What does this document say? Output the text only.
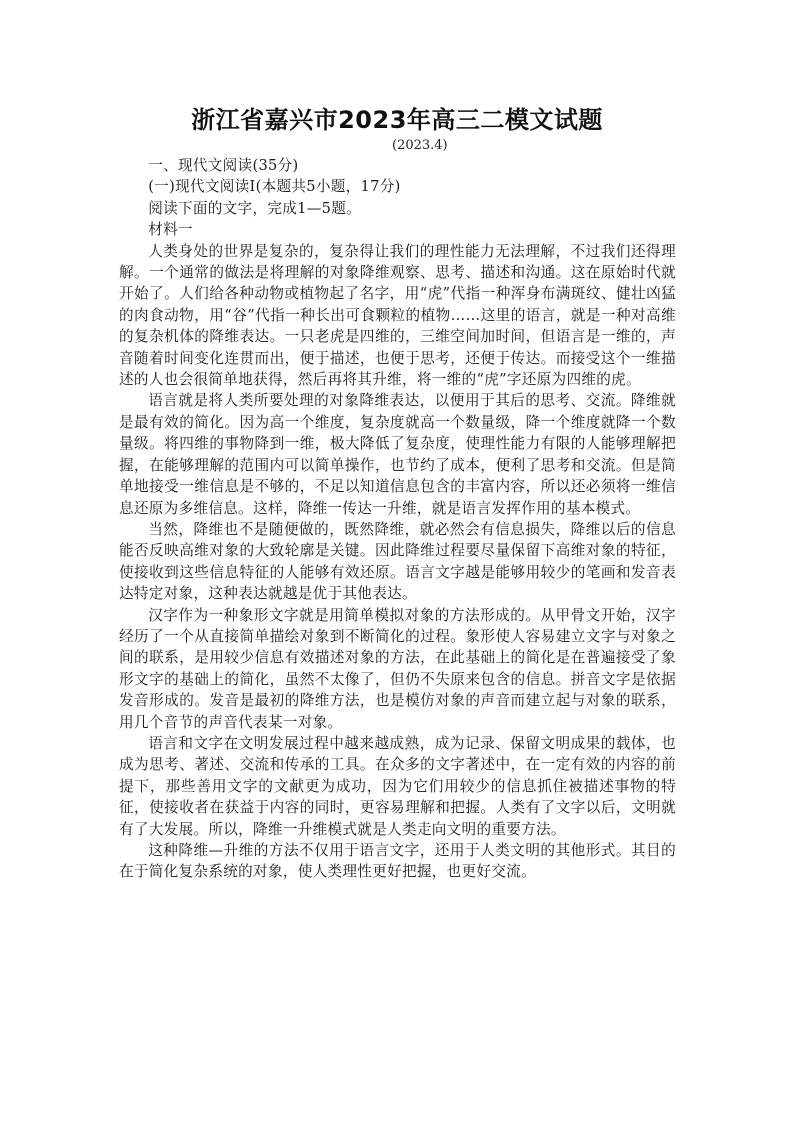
浙江省嘉兴市2023年高三二模文试题
(2023.4)

一、现代文阅读(35分)

(一)现代文阅读Ⅰ(本题共5小题，17分)

阅读下面的文字，完成1—5题。

材料一

人类身处的世界是复杂的，复杂得让我们的理性能力无法理解，不过我们还得理解。一个通常的做法是将理解的对象降维观察、思考、描述和沟通。这在原始时代就开始了。人们给各种动物或植物起了名字，用“虎”代指一种浑身布满斑纹、健壮凶猛的肉食动物，用“谷”代指一种长出可食颗粒的植物……这里的语言，就是一种对高维的复杂机体的降维表达。一只老虎是四维的，三维空间加时间，但语言是一维的，声音随着时间变化连贯而出，便于描述，也便于思考，还便于传达。而接受这个一维描述的人也会很简单地获得，然后再将其升维，将一维的“虎”字还原为四维的虎。

语言就是将人类所要处理的对象降维表达，以便用于其后的思考、交流。降维就是最有效的简化。因为高一个维度，复杂度就高一个数量级，降一个维度就降一个数量级。将四维的事物降到一维，极大降低了复杂度，使理性能力有限的人能够理解把握，在能够理解的范围内可以简单操作，也节约了成本，便利了思考和交流。但是简单地接受一维信息是不够的，不足以知道信息包含的丰富内容，所以还必须将一维信息还原为多维信息。这样，降维一传达一升维，就是语言发挥作用的基本模式。

当然，降维也不是随便做的，既然降维，就必然会有信息损失，降维以后的信息能否反映高维对象的大致轮廓是关键。因此降维过程要尽量保留下高维对象的特征，使接收到这些信息特征的人能够有效还原。语言文字越是能够用较少的笔画和发音表达特定对象，这种表达就越是优于其他表达。

汉字作为一种象形文字就是用简单模拟对象的方法形成的。从甲骨文开始，汉字经历了一个从直接简单描绘对象到不断简化的过程。象形使人容易建立文字与对象之间的联系，是用较少信息有效描述对象的方法，在此基础上的简化是在普遍接受了象形文字的基础上的简化，虽然不太像了，但仍不失原来包含的信息。拼音文字是依据发音形成的。发音是最初的降维方法，也是模仿对象的声音而建立起与对象的联系，用几个音节的声音代表某一对象。

语言和文字在文明发展过程中越来越成熟，成为记录、保留文明成果的载体，也成为思考、著述、交流和传承的工具。在众多的文字著述中，在一定有效的内容的前提下，那些善用文字的文献更为成功，因为它们用较少的信息抓住被描述事物的特征，使接收者在获益于内容的同时，更容易理解和把握。人类有了文字以后，文明就有了大发展。所以，降维一升维模式就是人类走向文明的重要方法。

这种降维—升维的方法不仅用于语言文字，还用于人类文明的其他形式。其目的在于简化复杂系统的对象，使人类理性更好把握，也更好交流。
